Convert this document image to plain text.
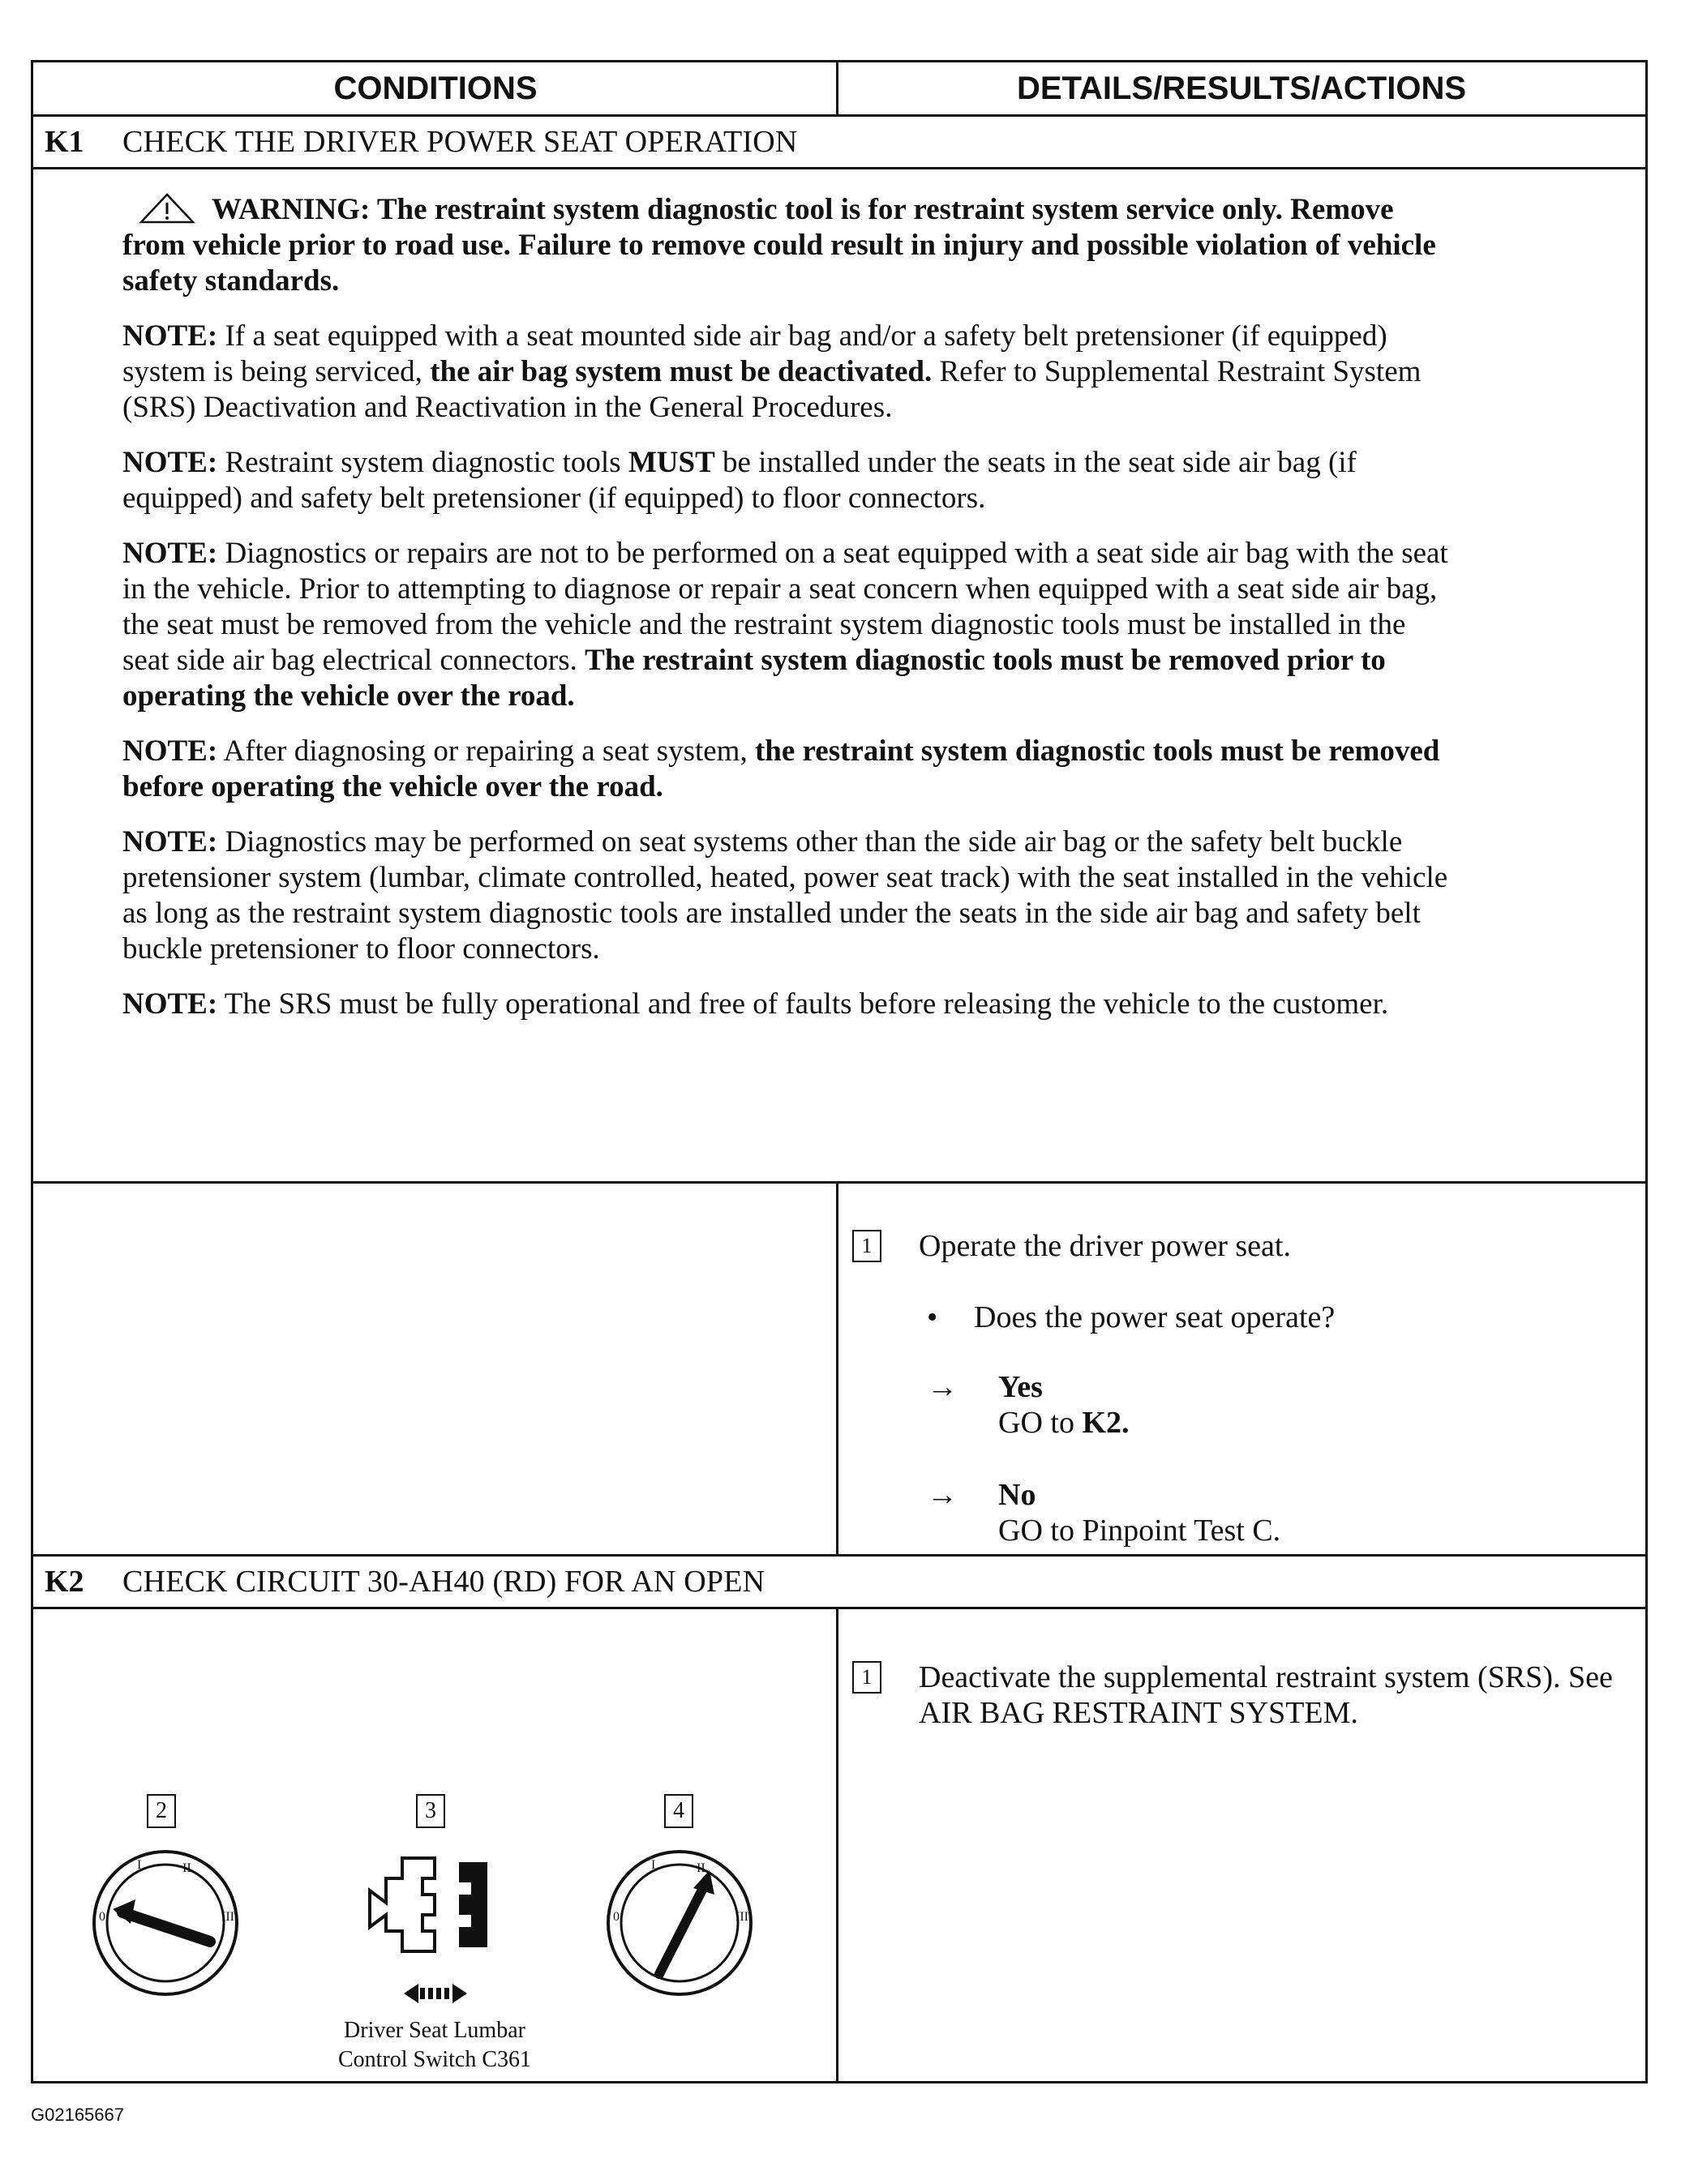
CONDITIONS	DETAILS/RESULTS/ACTIONS
K1	CHECK THE DRIVER POWER SEAT OPERATION

WARNING: The restraint system diagnostic tool is for restraint system service only. Remove from vehicle prior to road use. Failure to remove could result in injury and possible violation of vehicle safety standards.

NOTE: If a seat equipped with a seat mounted side air bag and/or a safety belt pretensioner (if equipped) system is being serviced, the air bag system must be deactivated. Refer to Supplemental Restraint System (SRS) Deactivation and Reactivation in the General Procedures.

NOTE: Restraint system diagnostic tools MUST be installed under the seats in the seat side air bag (if equipped) and safety belt pretensioner (if equipped) to floor connectors.

NOTE: Diagnostics or repairs are not to be performed on a seat equipped with a seat side air bag with the seat in the vehicle. Prior to attempting to diagnose or repair a seat concern when equipped with a seat side air bag, the seat must be removed from the vehicle and the restraint system diagnostic tools must be installed in the seat side air bag electrical connectors. The restraint system diagnostic tools must be removed prior to operating the vehicle over the road.

NOTE: After diagnosing or repairing a seat system, the restraint system diagnostic tools must be removed before operating the vehicle over the road.

NOTE: Diagnostics may be performed on seat systems other than the side air bag or the safety belt buckle pretensioner system (lumbar, climate controlled, heated, power seat track) with the seat installed in the vehicle as long as the restraint system diagnostic tools are installed under the seats in the side air bag and safety belt buckle pretensioner to floor connectors.

NOTE: The SRS must be fully operational and free of faults before releasing the vehicle to the customer.

1	Operate the driver power seat.
• Does the power seat operate?
→ Yes
GO to K2.
→ No
GO to Pinpoint Test C.
K2	CHECK CIRCUIT 30-AH40 (RD) FOR AN OPEN
1	Deactivate the supplemental restraint system (SRS). See AIR BAG RESTRAINT SYSTEM.
2	3	4
0
I	II
III	0
I	II
III
Driver Seat Lumbar
Control Switch C361
G02165667
